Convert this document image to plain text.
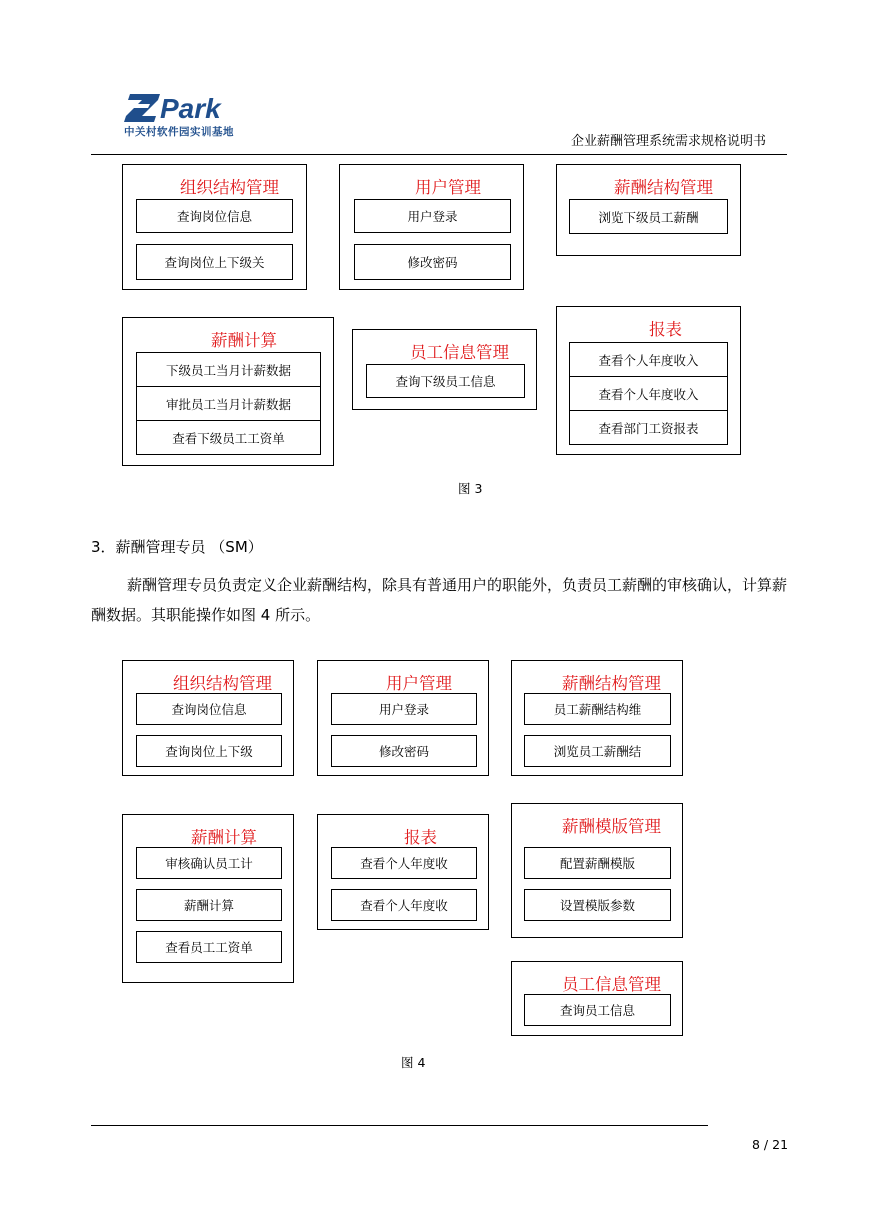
Park
中关村软件园实训基地
企业薪酬管理系统需求规格说明书
组织结构管理
查询岗位信息
查询岗位上下级关
用户管理
用户登录
修改密码
薪酬结构管理
浏览下级员工薪酬
薪酬计算
下级员工当月计薪数据
审批员工当月计薪数据
查看下级员工工资单
员工信息管理
查询下级员工信息
报表
查看个人年度收入
查看个人年度收入
查看部门工资报表
图 3
3．薪酬管理专员 （SM）
薪酬管理专员负责定义企业薪酬结构，除具有普通用户的职能外，负责员工薪酬的审核确认，计算薪酬数据。其职能操作如图 4 所示。
组织结构管理
查询岗位信息
查询岗位上下级
用户管理
用户登录
修改密码
薪酬结构管理
员工薪酬结构维
浏览员工薪酬结
薪酬计算
审核确认员工计
薪酬计算
查看员工工资单
报表
查看个人年度收
查看个人年度收
薪酬模版管理
配置薪酬模版
设置模版参数
员工信息管理
查询员工信息
图 4
8 / 21
